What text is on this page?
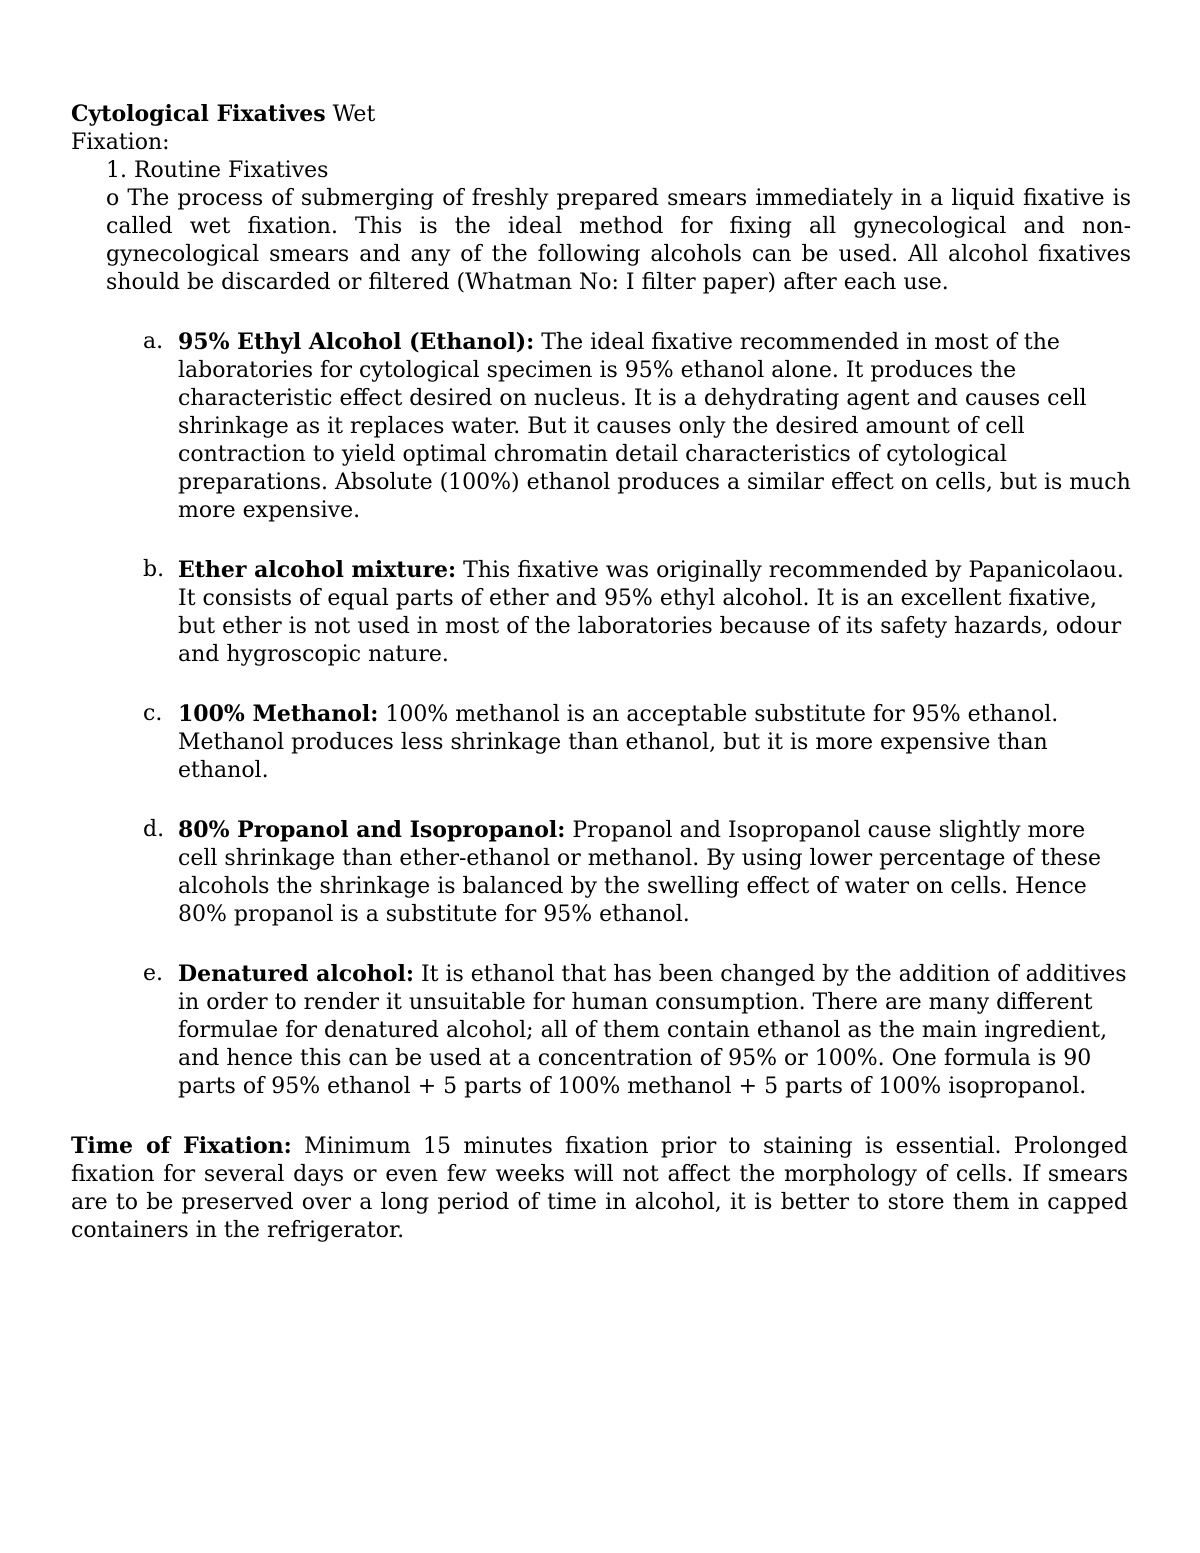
Cytological Fixatives Wet

Fixation:

1. Routine Fixatives

o The process of submerging of freshly prepared smears immediately in a liquid fixative is called wet fixation. This is the ideal method for fixing all gynecological and non-gynecological smears and any of the following alcohols can be used. All alcohol fixatives should be discarded or filtered (Whatman No: I filter paper) after each use.

a. 95% Ethyl Alcohol (Ethanol): The ideal fixative recommended in most of the laboratories for cytological specimen is 95% ethanol alone. It produces the characteristic effect desired on nucleus. It is a dehydrating agent and causes cell shrinkage as it replaces water. But it causes only the desired amount of cell contraction to yield optimal chromatin detail characteristics of cytological preparations. Absolute (100%) ethanol produces a similar effect on cells, but is much more expensive.
b. Ether alcohol mixture: This fixative was originally recommended by Papanicolaou. It consists of equal parts of ether and 95% ethyl alcohol. It is an excellent fixative, but ether is not used in most of the laboratories because of its safety hazards, odour and hygroscopic nature.
c. 100% Methanol: 100% methanol is an acceptable substitute for 95% ethanol. Methanol produces less shrinkage than ethanol, but it is more expensive than ethanol.
d. 80% Propanol and Isopropanol: Propanol and Isopropanol cause slightly more cell shrinkage than ether-ethanol or methanol. By using lower percentage of these alcohols the shrinkage is balanced by the swelling effect of water on cells. Hence 80% propanol is a substitute for 95% ethanol.
e. Denatured alcohol: It is ethanol that has been changed by the addition of additives in order to render it unsuitable for human consumption. There are many different formulae for denatured alcohol; all of them contain ethanol as the main ingredient, and hence this can be used at a concentration of 95% or 100%. One formula is 90 parts of 95% ethanol + 5 parts of 100% methanol + 5 parts of 100% isopropanol.

Time of Fixation: Minimum 15 minutes fixation prior to staining is essential. Prolonged fixation for several days or even few weeks will not affect the morphology of cells. If smears are to be preserved over a long period of time in alcohol, it is better to store them in capped containers in the refrigerator.
